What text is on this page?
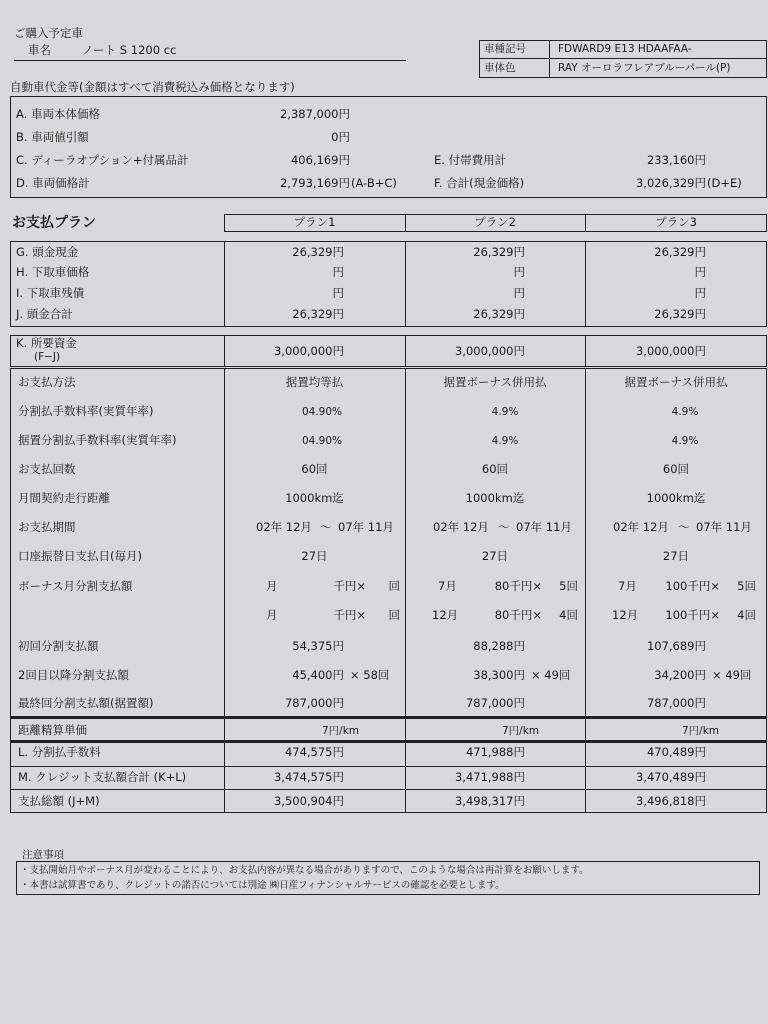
ご購入予定車
車名	ノート S 1200 cc	車種記号	FDWARD9 E13 HDAAFAA-
車体色	RAY オーロラフレアブルーパール(P)
自動車代金等(金額はすべて消費税込み価格となります)
A. 車両本体価格	2,387,000円
B. 車両値引額	0円
C. ディーラオプション+付属品計	406,169円
D. 車両価格計	2,793,169円 (A-B+C)
E. 付帯費用計	233,160円
F. 合計(現金価格)	3,026,329円 (D+E)
お支払プラン	プラン1	プラン2	プラン3
G. 頭金現金	26,329円	26,329円	26,329円
H. 下取車価格	円	円	円
I. 下取車残債	円	円	円
J. 頭金合計	26,329円	26,329円	26,329円
K. 所要資金
(F−J)	3,000,000円	3,000,000円	3,000,000円
お支払方法	据置均等払	据置ボーナス併用払	据置ボーナス併用払
分割払手数料率(実質年率)	04.90%	4.9%	4.9%
据置分割払手数料率(実質年率)	04.90%	4.9%	4.9%
お支払回数	60回	60回	60回
月間契約走行距離	1000km迄	1000km迄	1000km迄
お支払期間	02年 12月 〜 07年 11月	02年 12月 〜 07年 11月	02年 12月 〜 07年 11月
口座振替日支払日(毎月)	27日	27日	27日
ボーナス月分割支払額	月	千円×	回	7月	80千円×	5回	7月	100千円×	5回
月	千円×	回	12月	80千円×	4回	12月	100千円×	4回
初回分割支払額	54,375円	88,288円	107,689円
2回目以降分割支払額	45,400円 × 58回	38,300円 × 49回	34,200円 × 49回
最終回分割支払額(据置額)	787,000円	787,000円	787,000円
距離精算単価	7円/km	7円/km	7円/km
L. 分割払手数料	474,575円	471,988円	470,489円
M. クレジット支払額合計 (K+L)	3,474,575円	3,471,988円	3,470,489円
支払総額 (J+M)	3,500,904円	3,498,317円	3,496,818円
注意事項
・支払開始月やボーナス月が変わることにより、お支払内容が異なる場合がありますので、このような場合は再計算をお願いします。
・本書は試算書であり、クレジットの諾否については別途 ㈱日産フィナンシャルサービスの確認を必要とします。
